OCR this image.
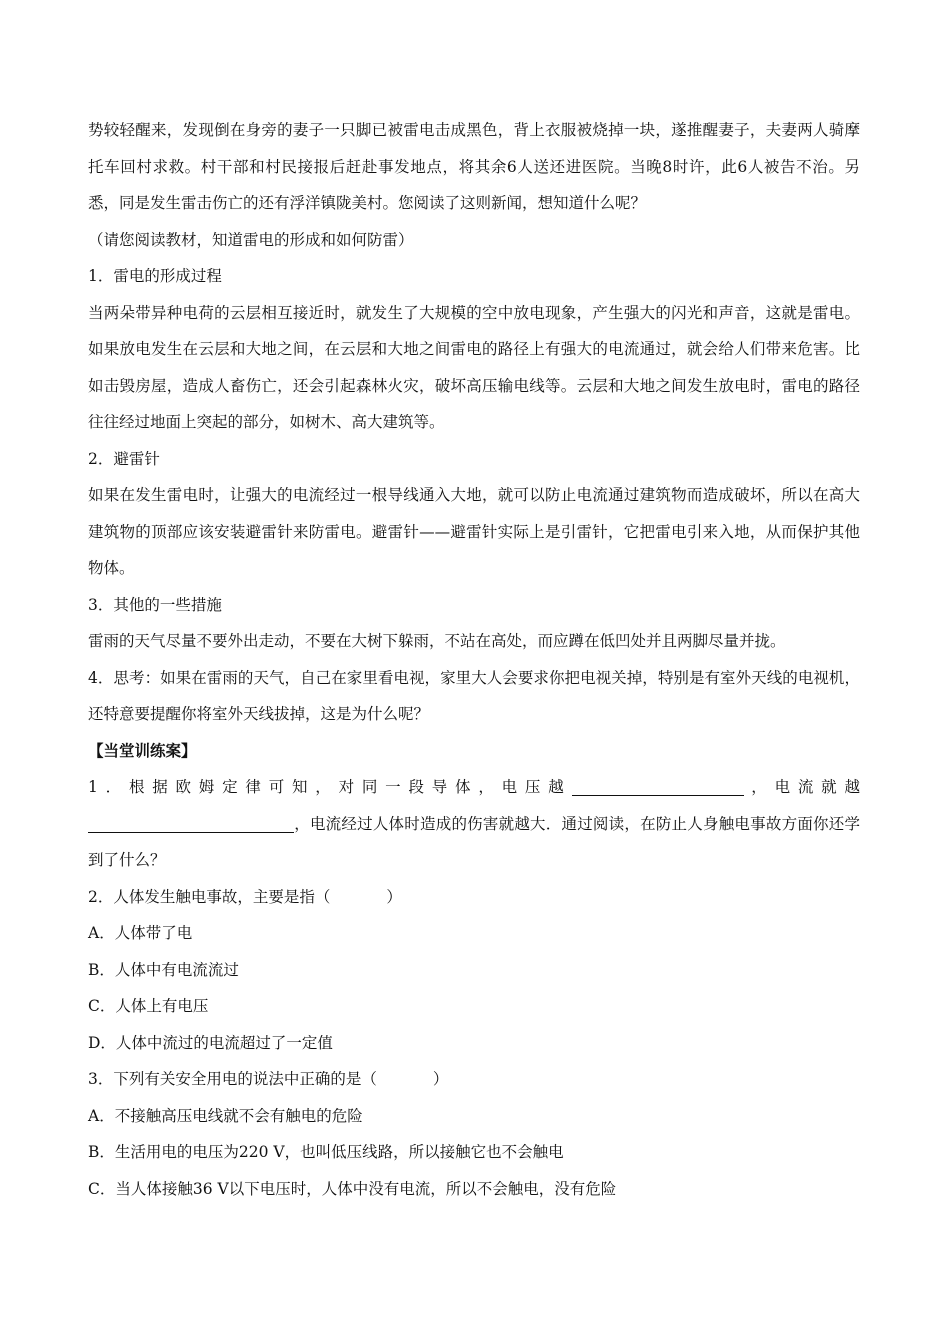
势较轻醒来，发现倒在身旁的妻子一只脚已被雷电击成黑色，背上衣服被烧掉一块，遂推醒妻子，夫妻两人骑摩托车回村求救。村干部和村民接报后赶赴事发地点，将其余6人送还进医院。当晚8时许，此6人被告不治。另悉，同是发生雷击伤亡的还有浮洋镇陇美村。您阅读了这则新闻，想知道什么呢？

（请您阅读教材，知道雷电的形成和如何防雷）

1．雷电的形成过程

当两朵带异种电荷的云层相互接近时，就发生了大规模的空中放电现象，产生强大的闪光和声音，这就是雷电。如果放电发生在云层和大地之间，在云层和大地之间雷电的路径上有强大的电流通过，就会给人们带来危害。比如击毁房屋，造成人畜伤亡，还会引起森林火灾，破坏高压输电线等。云层和大地之间发生放电时，雷电的路径往往经过地面上突起的部分，如树木、高大建筑等。

2．避雷针

如果在发生雷电时，让强大的电流经过一根导线通入大地，就可以防止电流通过建筑物而造成破坏，所以在高大建筑物的顶部应该安装避雷针来防雷电。避雷针——避雷针实际上是引雷针，它把雷电引来入地，从而保护其他物体。

3．其他的一些措施

雷雨的天气尽量不要外出走动，不要在大树下躲雨，不站在高处，而应蹲在低凹处并且两脚尽量并拢。

4．思考：如果在雷雨的天气，自己在家里看电视，家里大人会要求你把电视关掉，特别是有室外天线的电视机，还特意要提醒你将室外天线拔掉，这是为什么呢？

【当堂训练案】

1．根据欧姆定律可知，对同一段导体，电压越	，电流就越，电流经过人体时造成的伤害就越大．通过阅读，在防止人身触电事故方面你还学到了什么？

2．人体发生触电事故，主要是指（	）

A．人体带了电

B．人体中有电流流过

C．人体上有电压

D．人体中流过的电流超过了一定值

3．下列有关安全用电的说法中正确的是（	）

A．不接触高压电线就不会有触电的危险

B．生活用电的电压为220 V，也叫低压线路，所以接触它也不会触电

C．当人体接触36 V以下电压时，人体中没有电流，所以不会触电，没有危险
